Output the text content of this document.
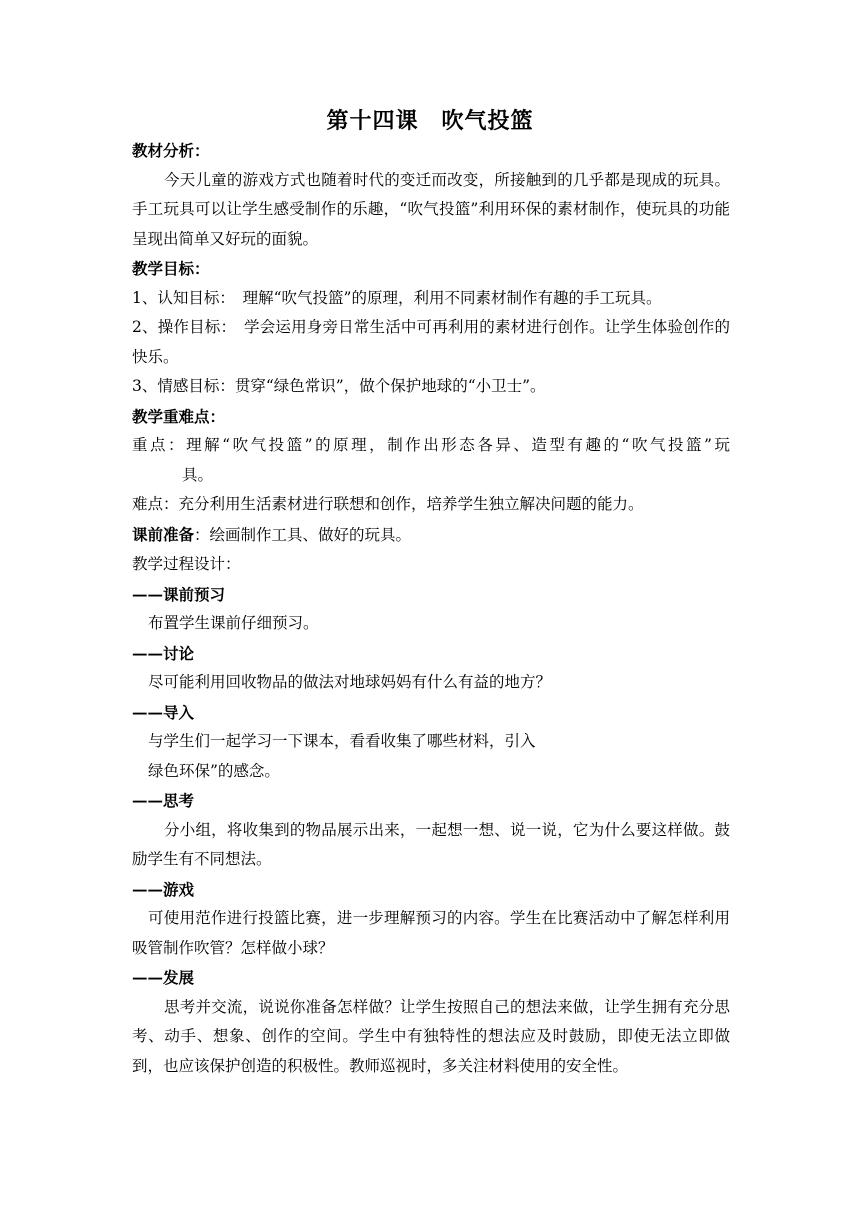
第十四课　吹气投篮
教材分析：
今天儿童的游戏方式也随着时代的变迁而改变，所接触到的几乎都是现成的玩具。手工玩具可以让学生感受制作的乐趣，“吹气投篮”利用环保的素材制作，使玩具的功能呈现出简单又好玩的面貌。
教学目标：
1、认知目标：　理解“吹气投篮”的原理，利用不同素材制作有趣的手工玩具。
2、操作目标：　学会运用身旁日常生活中可再利用的素材进行创作。让学生体验创作的快乐。
3、情感目标：贯穿“绿色常识”，做个保护地球的“小卫士”。
教学重难点：
重点：理解“吹气投篮”的原理，制作出形态各异、造型有趣的“吹气投篮”玩
具。
难点：充分利用生活素材进行联想和创作，培养学生独立解决问题的能力。
课前准备：绘画制作工具、做好的玩具。
教学过程设计：
——课前预习
布置学生课前仔细预习。
——讨论
尽可能利用回收物品的做法对地球妈妈有什么有益的地方？
——导入
与学生们一起学习一下课本，看看收集了哪些材料，引入
绿色环保”的感念。
——思考
分小组，将收集到的物品展示出来，一起想一想、说一说，它为什么要这样做。鼓励学生有不同想法。
——游戏
可使用范作进行投篮比赛，进一步理解预习的内容。学生在比赛活动中了解怎样利用吸管制作吹管？怎样做小球？
——发展
思考并交流，说说你准备怎样做？让学生按照自己的想法来做，让学生拥有充分思考、动手、想象、创作的空间。学生中有独特性的想法应及时鼓励，即使无法立即做到，也应该保护创造的积极性。教师巡视时，多关注材料使用的安全性。
